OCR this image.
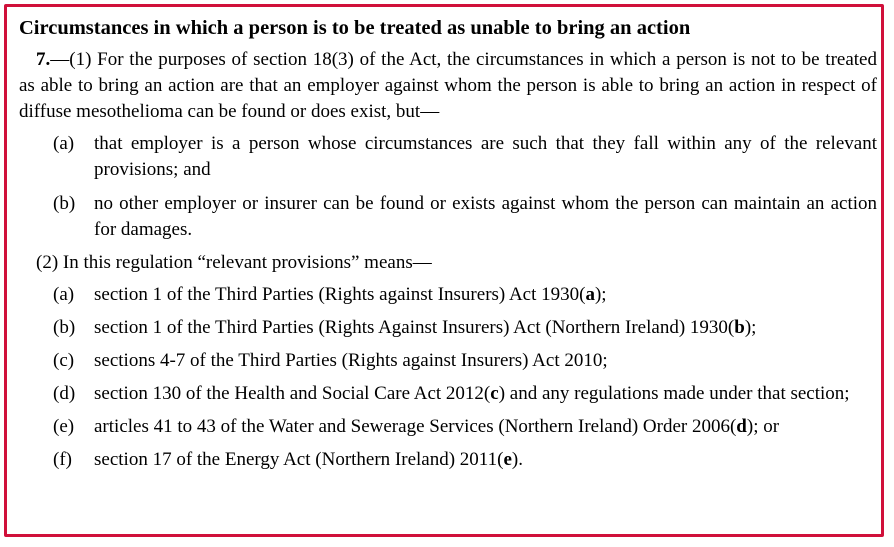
Circumstances in which a person is to be treated as unable to bring an action

7.—(1) For the purposes of section 18(3) of the Act, the circumstances in which a person is not to be treated as able to bring an action are that an employer against whom the person is able to bring an action in respect of diffuse mesothelioma can be found or does exist, but—

(a) that employer is a person whose circumstances are such that they fall within any of the relevant provisions; and
(b) no other employer or insurer can be found or exists against whom the person can maintain an action for damages.
(2) In this regulation “relevant provisions” means—
(a) section 1 of the Third Parties (Rights against Insurers) Act 1930(a);
(b) section 1 of the Third Parties (Rights Against Insurers) Act (Northern Ireland) 1930(b);
(c) sections 4-7 of the Third Parties (Rights against Insurers) Act 2010;
(d) section 130 of the Health and Social Care Act 2012(c) and any regulations made under that section;
(e) articles 41 to 43 of the Water and Sewerage Services (Northern Ireland) Order 2006(d); or
(f) section 17 of the Energy Act (Northern Ireland) 2011(e).
